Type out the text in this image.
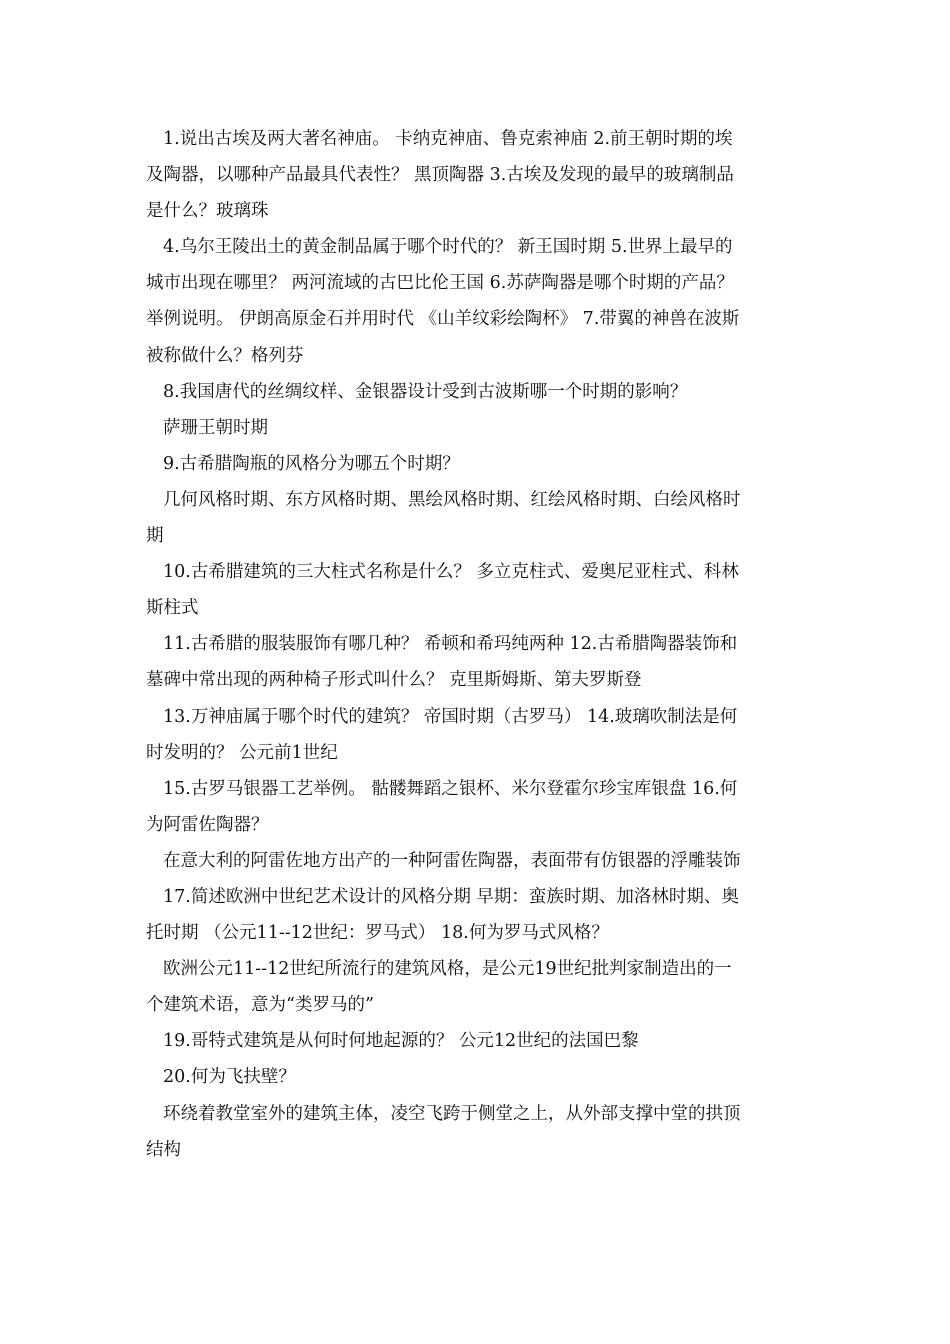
1.说出古埃及两大著名神庙。 卡纳克神庙、鲁克索神庙 2.前王朝时期的埃
及陶器，以哪种产品最具代表性？ 黑顶陶器 3.古埃及发现的最早的玻璃制品
是什么？玻璃珠
4.乌尔王陵出土的黄金制品属于哪个时代的？ 新王国时期 5.世界上最早的
城市出现在哪里？ 两河流域的古巴比伦王国 6.苏萨陶器是哪个时期的产品？
举例说明。 伊朗高原金石并用时代 《山羊纹彩绘陶杯》 7.带翼的神兽在波斯
被称做什么？格列芬
8.我国唐代的丝绸纹样、金银器设计受到古波斯哪一个时期的影响？
萨珊王朝时期
9.古希腊陶瓶的风格分为哪五个时期？
几何风格时期、东方风格时期、黑绘风格时期、红绘风格时期、白绘风格时
期
10.古希腊建筑的三大柱式名称是什么？ 多立克柱式、爱奥尼亚柱式、科林
斯柱式
11.古希腊的服装服饰有哪几种？ 希顿和希玛纯两种 12.古希腊陶器装饰和
墓碑中常出现的两种椅子形式叫什么？ 克里斯姆斯、第夫罗斯登
13.万神庙属于哪个时代的建筑？ 帝国时期（古罗马） 14.玻璃吹制法是何
时发明的？ 公元前1世纪
15.古罗马银器工艺举例。 骷髅舞蹈之银杯、米尔登霍尔珍宝库银盘 16.何
为阿雷佐陶器？
在意大利的阿雷佐地方出产的一种阿雷佐陶器，表面带有仿银器的浮雕装饰
17.简述欧洲中世纪艺术设计的风格分期 早期：蛮族时期、加洛林时期、奥
托时期 （公元11--12世纪：罗马式） 18.何为罗马式风格？
欧洲公元11--12世纪所流行的建筑风格，是公元19世纪批判家制造出的一
个建筑术语，意为“类罗马的”
19.哥特式建筑是从何时何地起源的？ 公元12世纪的法国巴黎
20.何为飞扶壁？
环绕着教堂室外的建筑主体，凌空飞跨于侧堂之上，从外部支撑中堂的拱顶
结构
